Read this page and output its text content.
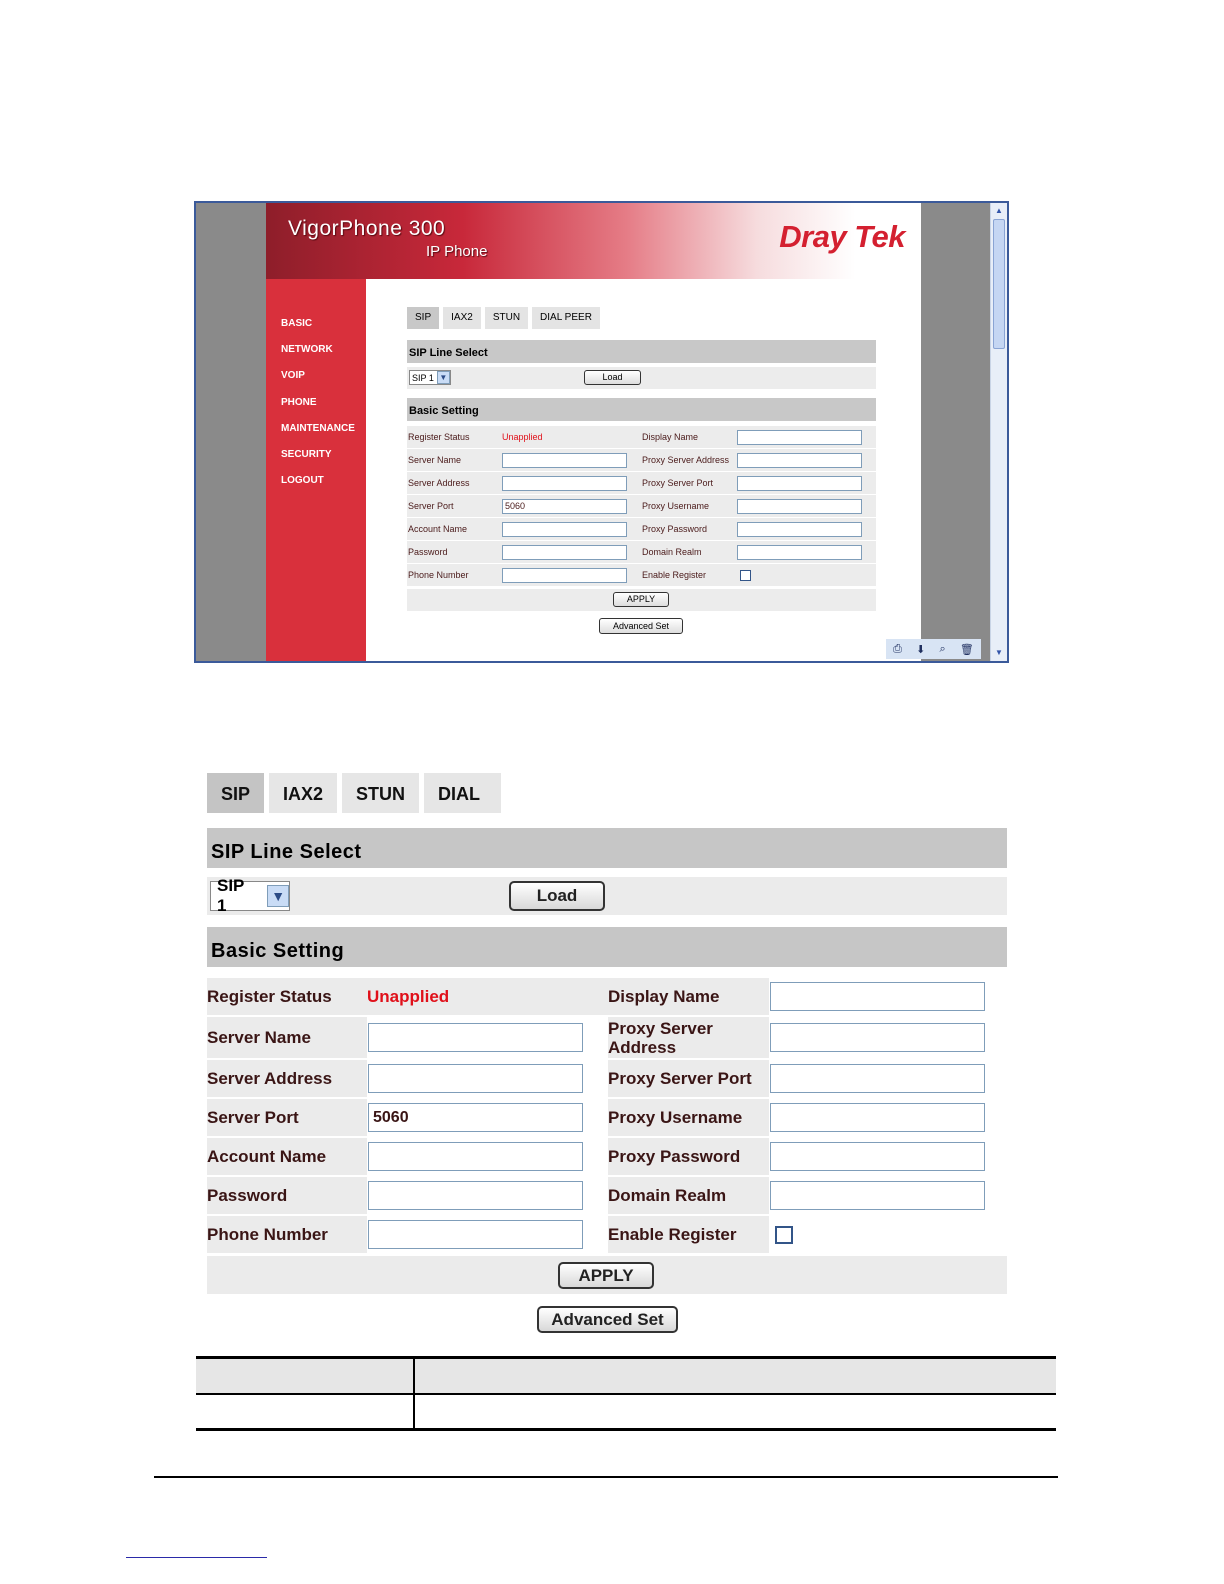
VigorPhone 300
IP Phone	Dray Tek
BASIC
NETWORK
VOIP
PHONE
MAINTENANCE
SECURITY
LOGOUT
SIP	IAX2	STUN	DIAL PEER
SIP Line Select
SIP 1 ▼	Load
Basic Setting
Register Status	Unapplied	Display Name	

Server Name		Proxy Server Address	

Server Address		Proxy Server Port	

Server Port	5060	Proxy Username	

Account Name		Proxy Password	

Password		Domain Realm	

Phone Number		Enable Register	
APPLY
Advanced Set
▲
▼
⎙ ⬇ ⌕ 🗑
SIP	IAX2	STUN	DIAL
SIP Line Select
SIP 1	▼	Load
Basic Setting
Register Status	Unapplied	Display Name	

Server Name		Proxy Server Address	

Server Address		Proxy Server Port	

Server Port	5060	Proxy Username	

Account Name		Proxy Password	

Password		Domain Realm	

Phone Number		Enable Register	
APPLY
Advanced Set
